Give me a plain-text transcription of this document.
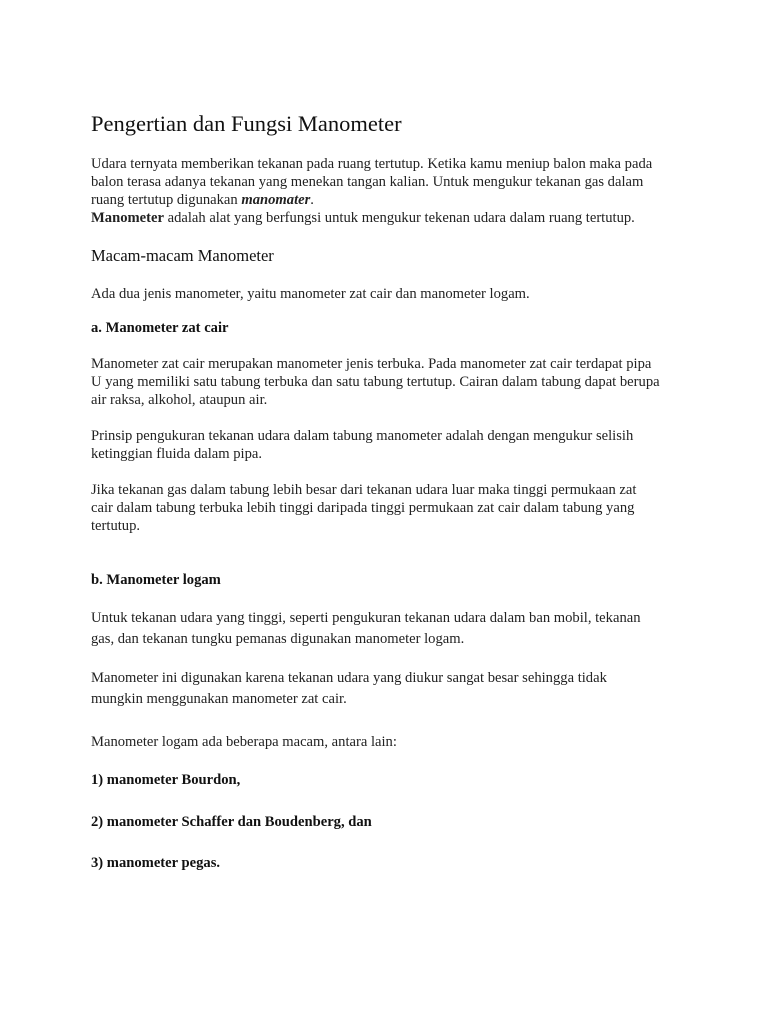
Pengertian dan Fungsi Manometer

Udara ternyata memberikan tekanan pada ruang tertutup. Ketika kamu meniup balon maka pada
balon terasa adanya tekanan yang menekan tangan kalian. Untuk mengukur tekanan gas dalam
ruang tertutup digunakan manomater.
Manometer adalah alat yang berfungsi untuk mengukur tekenan udara dalam ruang tertutup.

Macam-macam Manometer

Ada dua jenis manometer, yaitu manometer zat cair dan manometer logam.

a. Manometer zat cair

Manometer zat cair merupakan manometer jenis terbuka. Pada manometer zat cair terdapat pipa
U yang memiliki satu tabung terbuka dan satu tabung tertutup. Cairan dalam tabung dapat berupa
air raksa, alkohol, ataupun air.

Prinsip pengukuran tekanan udara dalam tabung manometer adalah dengan mengukur selisih
ketinggian fluida dalam pipa.

Jika tekanan gas dalam tabung lebih besar dari tekanan udara luar maka tinggi permukaan zat
cair dalam tabung terbuka lebih tinggi daripada tinggi permukaan zat cair dalam tabung yang
tertutup.

b. Manometer logam

Untuk tekanan udara yang tinggi, seperti pengukuran tekanan udara dalam ban mobil, tekanan
gas, dan tekanan tungku pemanas digunakan manometer logam.

Manometer ini digunakan karena tekanan udara yang diukur sangat besar sehingga tidak
mungkin menggunakan manometer zat cair.

Manometer logam ada beberapa macam, antara lain:

1) manometer Bourdon,
2) manometer Schaffer dan Boudenberg, dan
3) manometer pegas.
